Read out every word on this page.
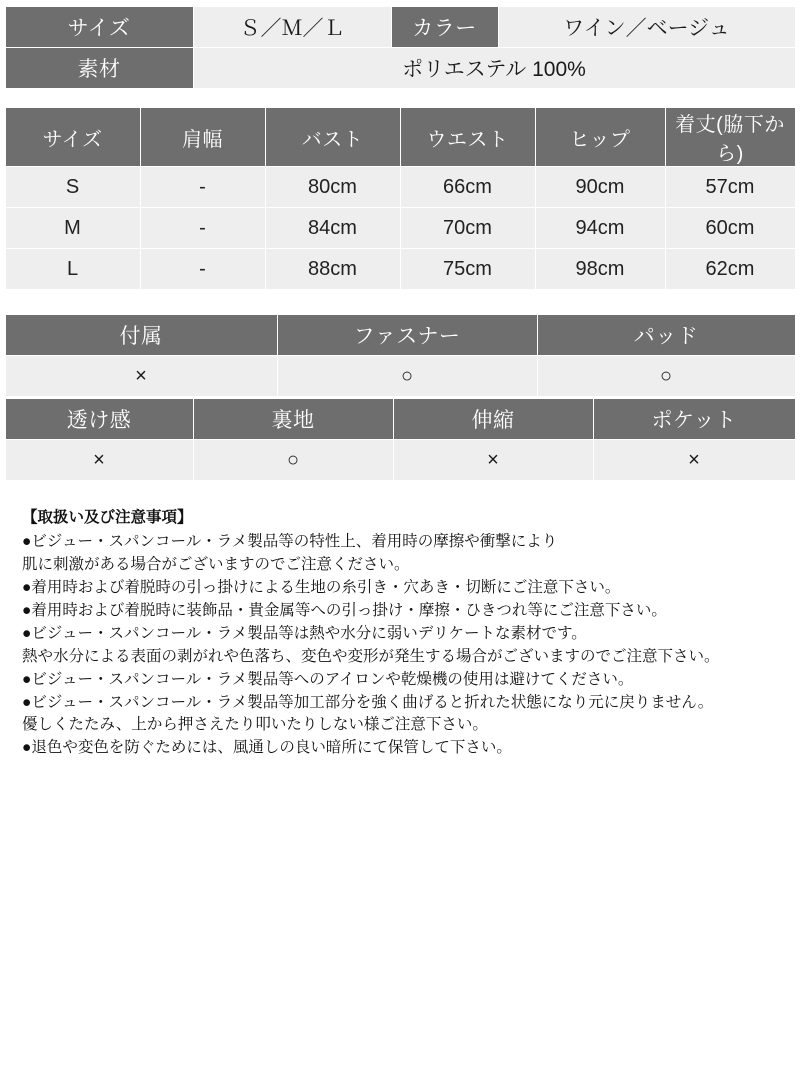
サイズ	Ｓ／Ｍ／Ｌ	カラー	ワイン／ベージュ
素材	ポリエステル 100%		
サイズ	肩幅	バスト	ウエスト	ヒップ	着丈(脇下から)
S	-	80cm	66cm	90cm	57cm
M	-	84cm	70cm	94cm	60cm
L	-	88cm	75cm	98cm	62cm
付属	ファスナー	パッド
×	○	○
透け感	裏地	伸縮	ポケット
×	○	×	×
【取扱い及び注意事項】
●ビジュー・スパンコール・ラメ製品等の特性上、着用時の摩擦や衝撃により
肌に刺激がある場合がございますのでご注意ください。
●着用時および着脱時の引っ掛けによる生地の糸引き・穴あき・切断にご注意下さい。
●着用時および着脱時に装飾品・貴金属等への引っ掛け・摩擦・ひきつれ等にご注意下さい。
●ビジュー・スパンコール・ラメ製品等は熱や水分に弱いデリケートな素材です。
熱や水分による表面の剥がれや色落ち、変色や変形が発生する場合がございますのでご注意下さい。
●ビジュー・スパンコール・ラメ製品等へのアイロンや乾燥機の使用は避けてください。
●ビジュー・スパンコール・ラメ製品等加工部分を強く曲げると折れた状態になり元に戻りません。
優しくたたみ、上から押さえたり叩いたりしない様ご注意下さい。
●退色や変色を防ぐためには、風通しの良い暗所にて保管して下さい。
